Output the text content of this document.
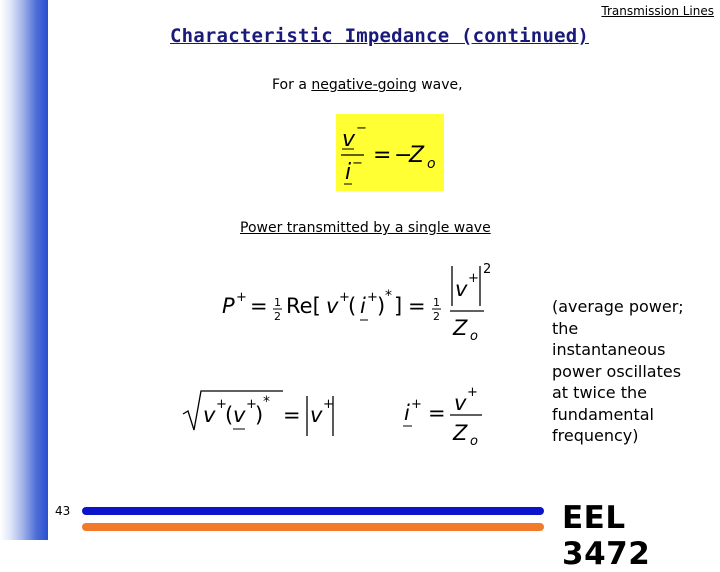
Transmission Lines
Characteristic Impedance (continued)
For a negative-going wave,
v −
i − = −
Z o
Power transmitted by a single wave
P + = 1
2 Re[ v +
( i + ) * ] = 1
2
v +
2
Z o
v +
( v +
)
*
= v +	i + = v +
Z o
(average power; the instantaneous power oscillates at twice the fundamental frequency)
43	EEL 3472
